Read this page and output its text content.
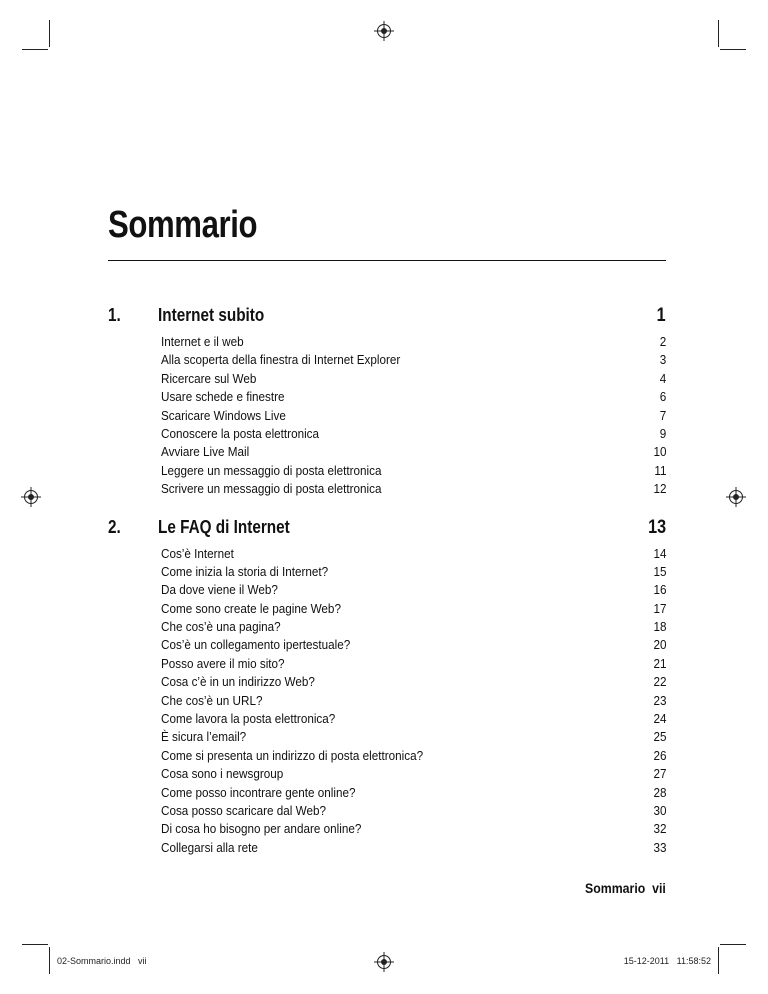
Sommario
1.	Internet subito	1
Internet e il web	2
Alla scoperta della finestra di Internet Explorer	3
Ricercare sul Web	4
Usare schede e finestre	6
Scaricare Windows Live	7
Conoscere la posta elettronica	9
Avviare Live Mail	10
Leggere un messaggio di posta elettronica	11
Scrivere un messaggio di posta elettronica	12
2.	Le FAQ di Internet	13
Cos’è Internet	14
Come inizia la storia di Internet?	15
Da dove viene il Web?	16
Come sono create le pagine Web?	17
Che cos’è una pagina?	18
Cos’è un collegamento ipertestuale?	20
Posso avere il mio sito?	21
Cosa c’è in un indirizzo Web?	22
Che cos’è un URL?	23
Come lavora la posta elettronica?	24
È sicura l’email?	25
Come si presenta un indirizzo di posta elettronica?	26
Cosa sono i newsgroup	27
Come posso incontrare gente online?	28
Cosa posso scaricare dal Web?	30
Di cosa ho bisogno per andare online?	32
Collegarsi alla rete	33
Sommario vii
02-Sommario.indd   vii	15-12-2011   11:58:52
